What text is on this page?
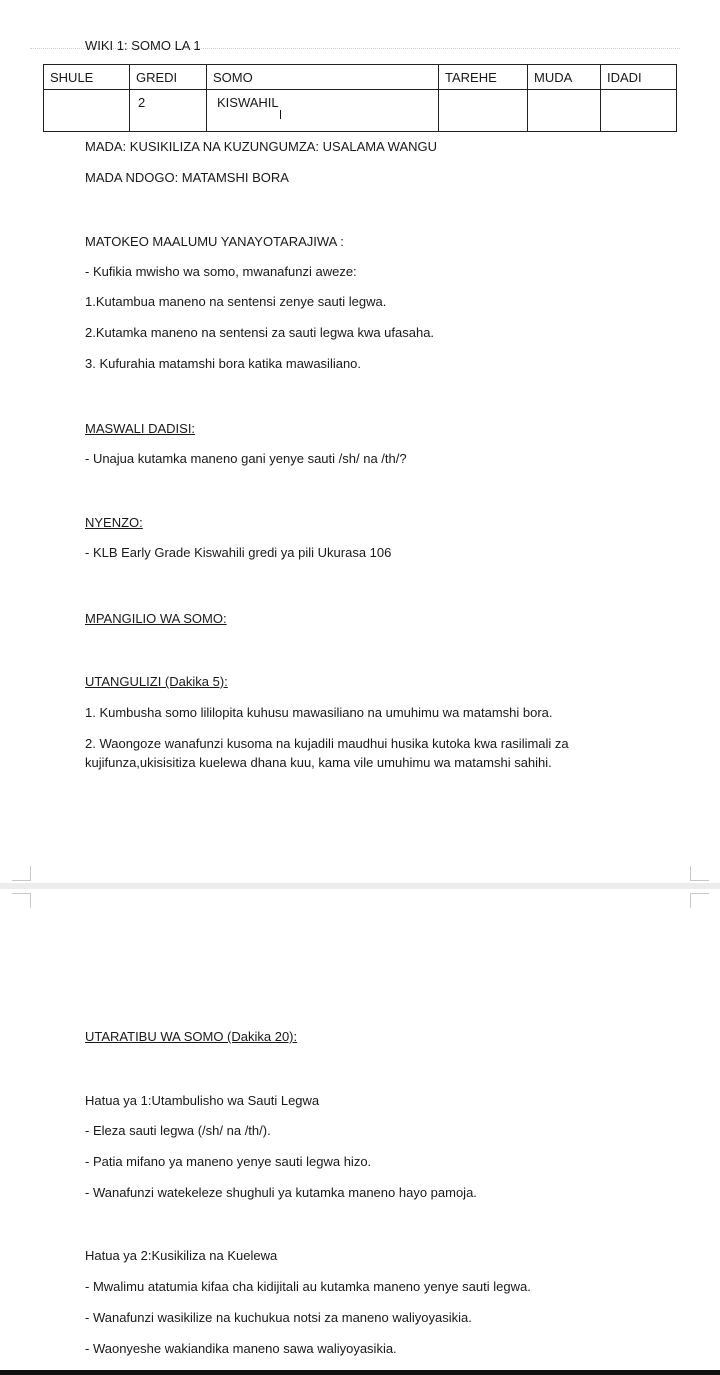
WIKI 1: SOMO LA 1
SHULE	GREDI	SOMO	TAREHE	MUDA	IDADI
	2	KISWAHIL

MADA: KUSIKILIZA NA KUZUNGUMZA: USALAMA WANGU
MADA NDOGO: MATAMSHI BORA
MATOKEO MAALUMU YANAYOTARAJIWA :
- Kufikia mwisho wa somo, mwanafunzi aweze:
1.Kutambua maneno na sentensi zenye sauti legwa.
2.Kutamka maneno na sentensi za sauti legwa kwa ufasaha.
3. Kufurahia matamshi bora katika mawasiliano.
MASWALI DADISI:
- Unajua kutamka maneno gani yenye sauti /sh/ na /th/?
NYENZO:
- KLB Early Grade Kiswahili gredi ya pili Ukurasa 106
MPANGILIO WA SOMO:
UTANGULIZI (Dakika 5):
1. Kumbusha somo lililopita kuhusu mawasiliano na umuhimu wa matamshi bora.
2. Waongoze wanafunzi kusoma na kujadili maudhui husika kutoka kwa rasilimali za
kujifunza,ukisisitiza kuelewa dhana kuu, kama vile umuhimu wa matamshi sahihi.
UTARATIBU WA SOMO (Dakika 20):
Hatua ya 1:Utambulisho wa Sauti Legwa
- Eleza sauti legwa (/sh/ na /th/).
- Patia mifano ya maneno yenye sauti legwa hizo.
- Wanafunzi watekeleze shughuli ya kutamka maneno hayo pamoja.
Hatua ya 2:Kusikiliza na Kuelewa
- Mwalimu atatumia kifaa cha kidijitali au kutamka maneno yenye sauti legwa.
- Wanafunzi wasikilize na kuchukua notsi za maneno waliyoyasikia.
- Waonyeshe wakiandika maneno sawa waliyoyasikia.
